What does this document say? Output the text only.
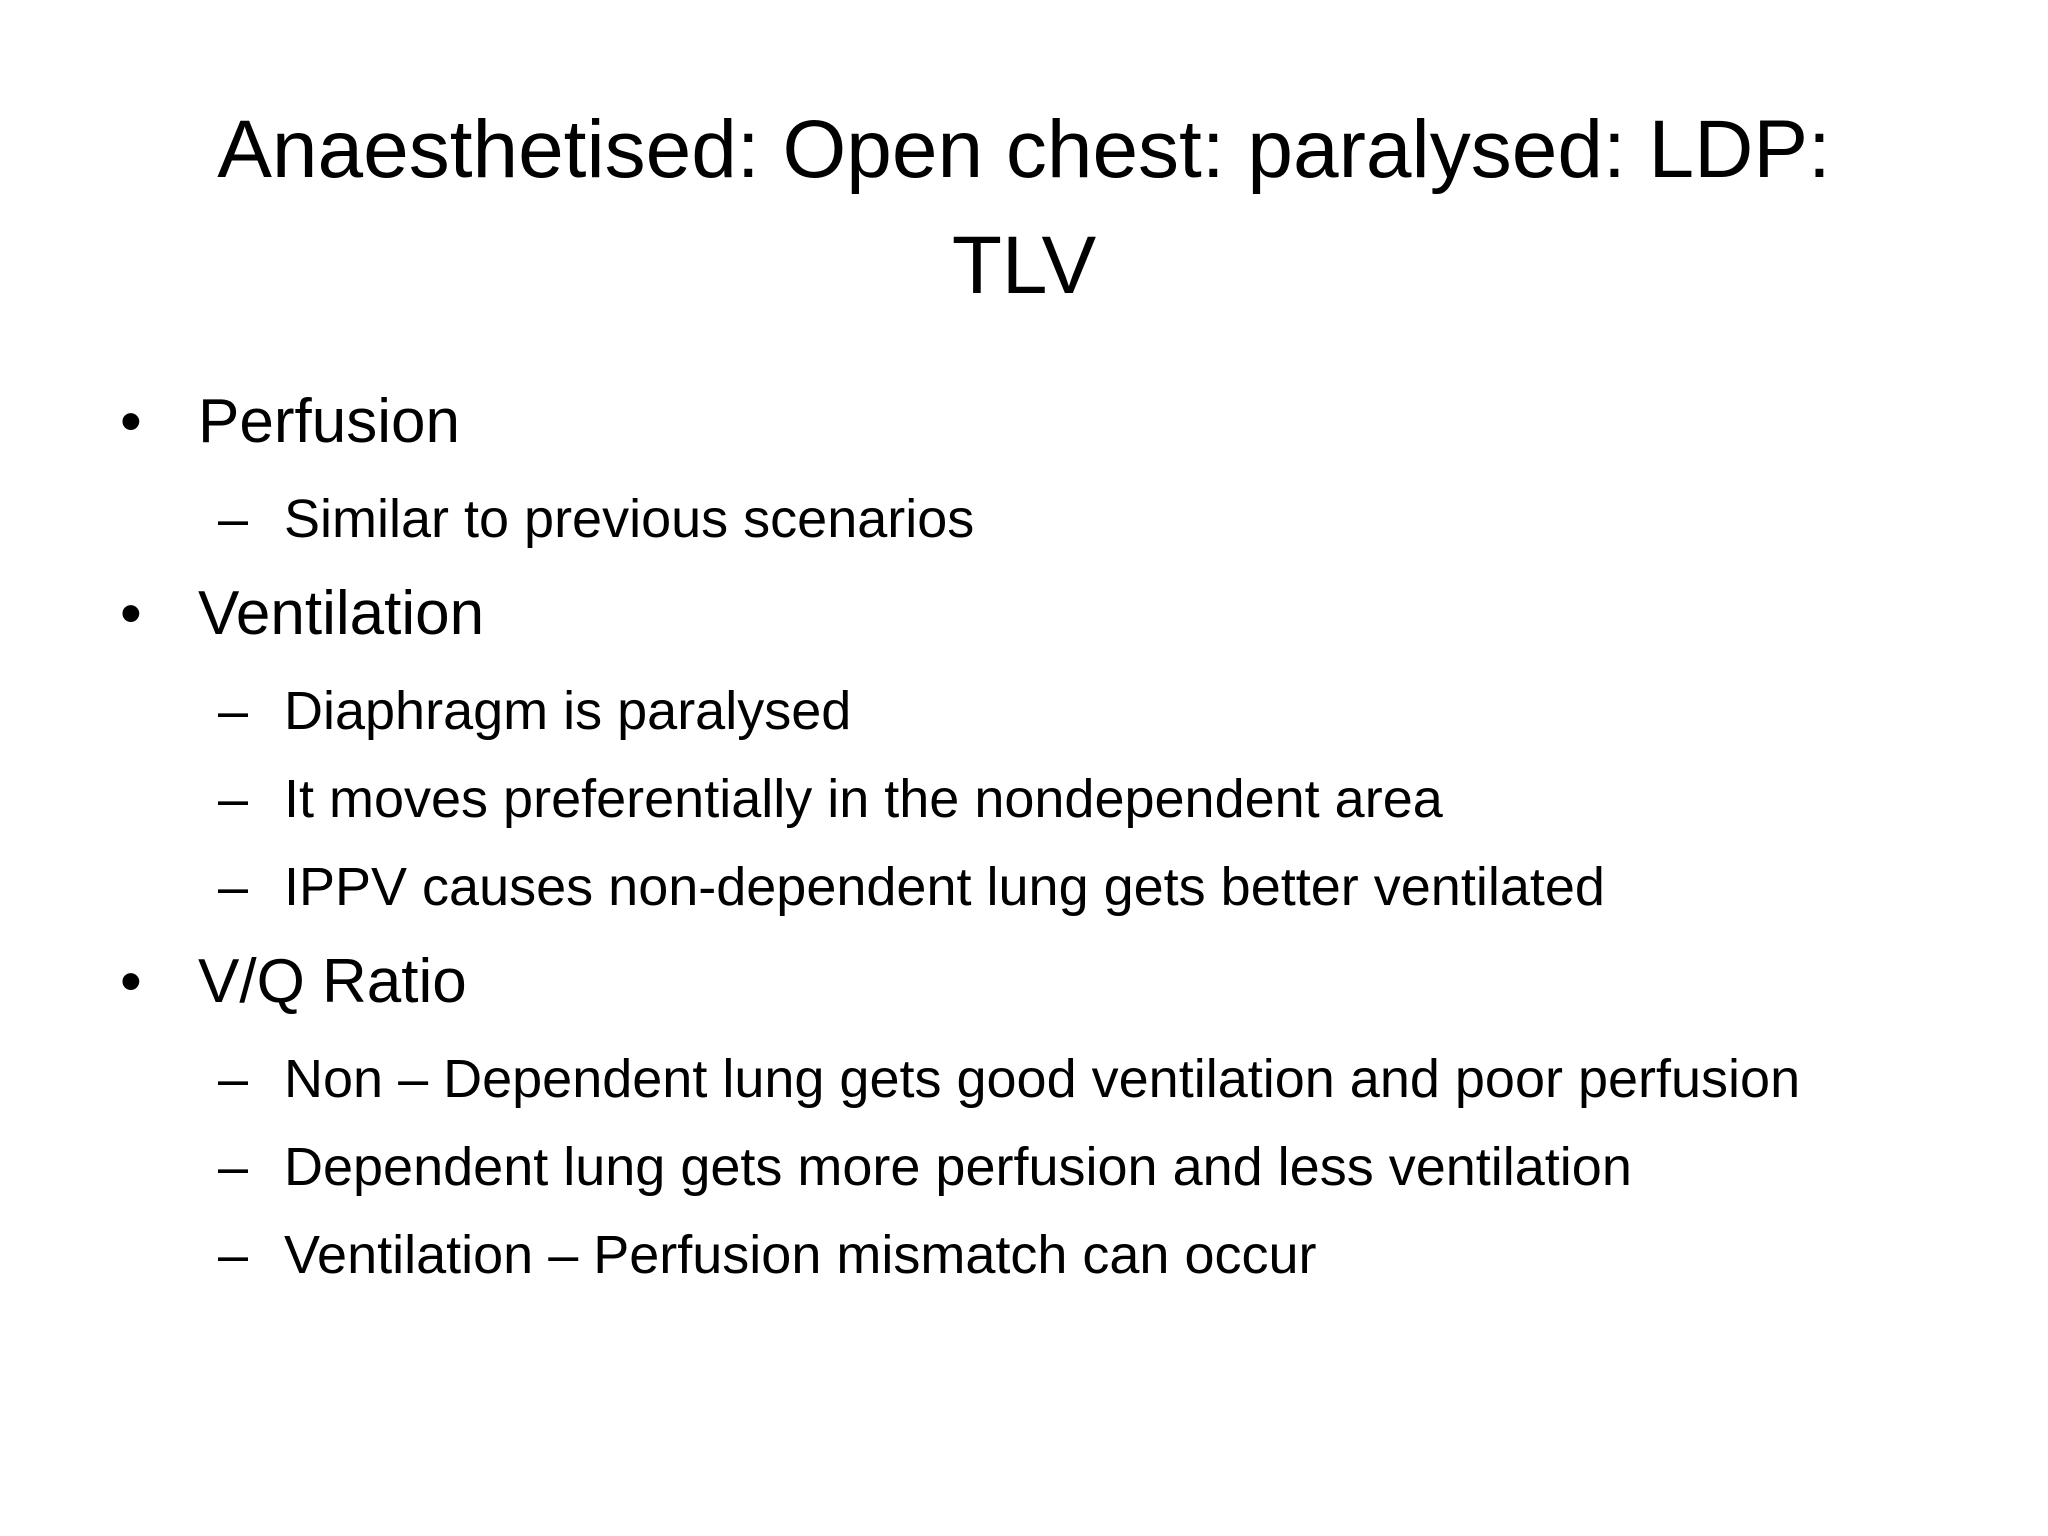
Anaesthetised: Open chest: paralysed: LDP:
TLV
• Perfusion
– Similar to previous scenarios
• Ventilation
– Diaphragm is paralysed
– It moves preferentially in the nondependent area
– IPPV causes non-dependent lung gets better ventilated
• V/Q Ratio
– Non – Dependent lung gets good ventilation and poor perfusion
– Dependent lung gets more perfusion and less ventilation
– Ventilation – Perfusion mismatch can occur
